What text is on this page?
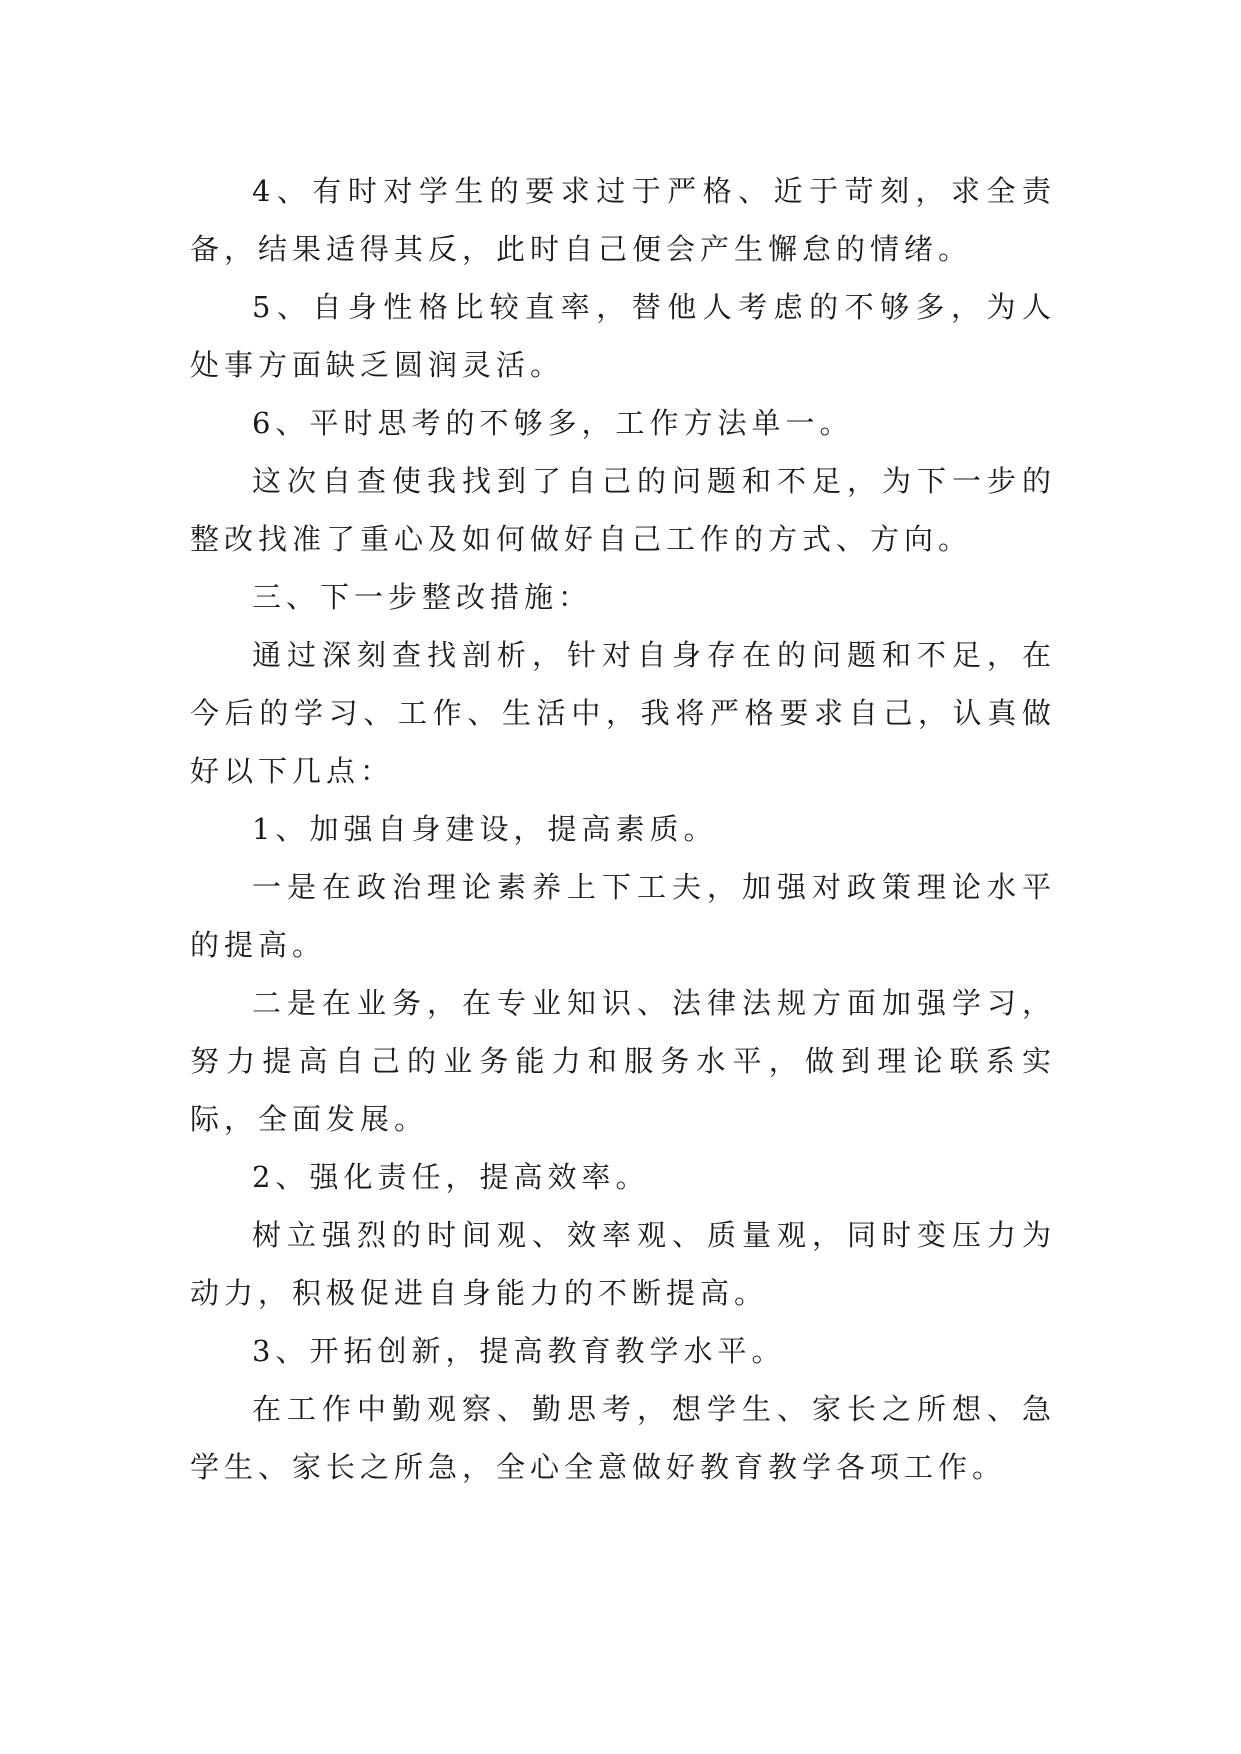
4、有时对学生的要求过于严格、近于苛刻，求全责备，结果适得其反，此时自己便会产生懈怠的情绪。

5、自身性格比较直率，替他人考虑的不够多，为人处事方面缺乏圆润灵活。

6、平时思考的不够多，工作方法单一。

这次自查使我找到了自己的问题和不足，为下一步的整改找准了重心及如何做好自己工作的方式、方向。

三、下一步整改措施：

通过深刻查找剖析，针对自身存在的问题和不足，在今后的学习、工作、生活中，我将严格要求自己，认真做好以下几点：

1、加强自身建设，提高素质。

一是在政治理论素养上下工夫，加强对政策理论水平的提高。

二是在业务，在专业知识、法律法规方面加强学习，努力提高自己的业务能力和服务水平，做到理论联系实际，全面发展。

2、强化责任，提高效率。

树立强烈的时间观、效率观、质量观，同时变压力为动力，积极促进自身能力的不断提高。

3、开拓创新，提高教育教学水平。

在工作中勤观察、勤思考，想学生、家长之所想、急学生、家长之所急，全心全意做好教育教学各项工作。
